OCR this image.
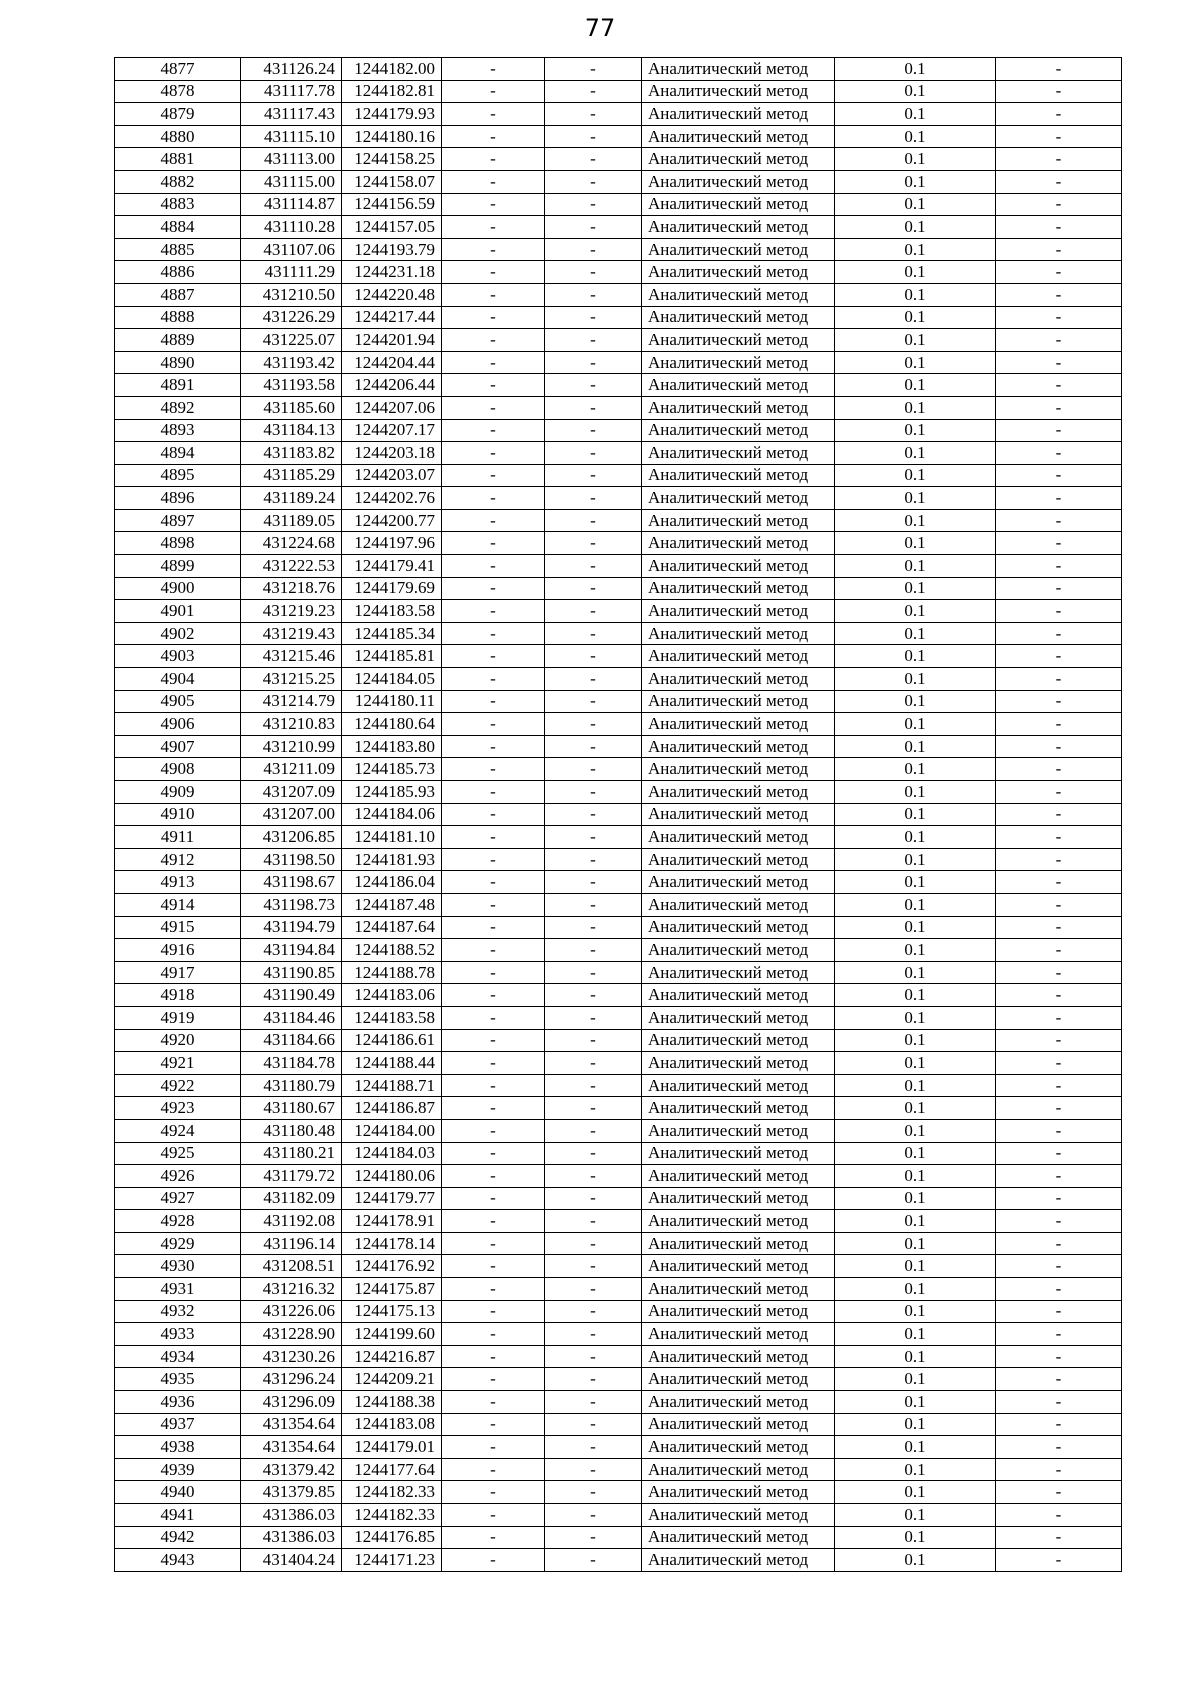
77
4877	431126.24	1244182.00	-	-	Аналитический метод	0.1	-
4878	431117.78	1244182.81	-	-	Аналитический метод	0.1	-
4879	431117.43	1244179.93	-	-	Аналитический метод	0.1	-
4880	431115.10	1244180.16	-	-	Аналитический метод	0.1	-
4881	431113.00	1244158.25	-	-	Аналитический метод	0.1	-
4882	431115.00	1244158.07	-	-	Аналитический метод	0.1	-
4883	431114.87	1244156.59	-	-	Аналитический метод	0.1	-
4884	431110.28	1244157.05	-	-	Аналитический метод	0.1	-
4885	431107.06	1244193.79	-	-	Аналитический метод	0.1	-
4886	431111.29	1244231.18	-	-	Аналитический метод	0.1	-
4887	431210.50	1244220.48	-	-	Аналитический метод	0.1	-
4888	431226.29	1244217.44	-	-	Аналитический метод	0.1	-
4889	431225.07	1244201.94	-	-	Аналитический метод	0.1	-
4890	431193.42	1244204.44	-	-	Аналитический метод	0.1	-
4891	431193.58	1244206.44	-	-	Аналитический метод	0.1	-
4892	431185.60	1244207.06	-	-	Аналитический метод	0.1	-
4893	431184.13	1244207.17	-	-	Аналитический метод	0.1	-
4894	431183.82	1244203.18	-	-	Аналитический метод	0.1	-
4895	431185.29	1244203.07	-	-	Аналитический метод	0.1	-
4896	431189.24	1244202.76	-	-	Аналитический метод	0.1	-
4897	431189.05	1244200.77	-	-	Аналитический метод	0.1	-
4898	431224.68	1244197.96	-	-	Аналитический метод	0.1	-
4899	431222.53	1244179.41	-	-	Аналитический метод	0.1	-
4900	431218.76	1244179.69	-	-	Аналитический метод	0.1	-
4901	431219.23	1244183.58	-	-	Аналитический метод	0.1	-
4902	431219.43	1244185.34	-	-	Аналитический метод	0.1	-
4903	431215.46	1244185.81	-	-	Аналитический метод	0.1	-
4904	431215.25	1244184.05	-	-	Аналитический метод	0.1	-
4905	431214.79	1244180.11	-	-	Аналитический метод	0.1	-
4906	431210.83	1244180.64	-	-	Аналитический метод	0.1	-
4907	431210.99	1244183.80	-	-	Аналитический метод	0.1	-
4908	431211.09	1244185.73	-	-	Аналитический метод	0.1	-
4909	431207.09	1244185.93	-	-	Аналитический метод	0.1	-
4910	431207.00	1244184.06	-	-	Аналитический метод	0.1	-
4911	431206.85	1244181.10	-	-	Аналитический метод	0.1	-
4912	431198.50	1244181.93	-	-	Аналитический метод	0.1	-
4913	431198.67	1244186.04	-	-	Аналитический метод	0.1	-
4914	431198.73	1244187.48	-	-	Аналитический метод	0.1	-
4915	431194.79	1244187.64	-	-	Аналитический метод	0.1	-
4916	431194.84	1244188.52	-	-	Аналитический метод	0.1	-
4917	431190.85	1244188.78	-	-	Аналитический метод	0.1	-
4918	431190.49	1244183.06	-	-	Аналитический метод	0.1	-
4919	431184.46	1244183.58	-	-	Аналитический метод	0.1	-
4920	431184.66	1244186.61	-	-	Аналитический метод	0.1	-
4921	431184.78	1244188.44	-	-	Аналитический метод	0.1	-
4922	431180.79	1244188.71	-	-	Аналитический метод	0.1	-
4923	431180.67	1244186.87	-	-	Аналитический метод	0.1	-
4924	431180.48	1244184.00	-	-	Аналитический метод	0.1	-
4925	431180.21	1244184.03	-	-	Аналитический метод	0.1	-
4926	431179.72	1244180.06	-	-	Аналитический метод	0.1	-
4927	431182.09	1244179.77	-	-	Аналитический метод	0.1	-
4928	431192.08	1244178.91	-	-	Аналитический метод	0.1	-
4929	431196.14	1244178.14	-	-	Аналитический метод	0.1	-
4930	431208.51	1244176.92	-	-	Аналитический метод	0.1	-
4931	431216.32	1244175.87	-	-	Аналитический метод	0.1	-
4932	431226.06	1244175.13	-	-	Аналитический метод	0.1	-
4933	431228.90	1244199.60	-	-	Аналитический метод	0.1	-
4934	431230.26	1244216.87	-	-	Аналитический метод	0.1	-
4935	431296.24	1244209.21	-	-	Аналитический метод	0.1	-
4936	431296.09	1244188.38	-	-	Аналитический метод	0.1	-
4937	431354.64	1244183.08	-	-	Аналитический метод	0.1	-
4938	431354.64	1244179.01	-	-	Аналитический метод	0.1	-
4939	431379.42	1244177.64	-	-	Аналитический метод	0.1	-
4940	431379.85	1244182.33	-	-	Аналитический метод	0.1	-
4941	431386.03	1244182.33	-	-	Аналитический метод	0.1	-
4942	431386.03	1244176.85	-	-	Аналитический метод	0.1	-
4943	431404.24	1244171.23	-	-	Аналитический метод	0.1	-
